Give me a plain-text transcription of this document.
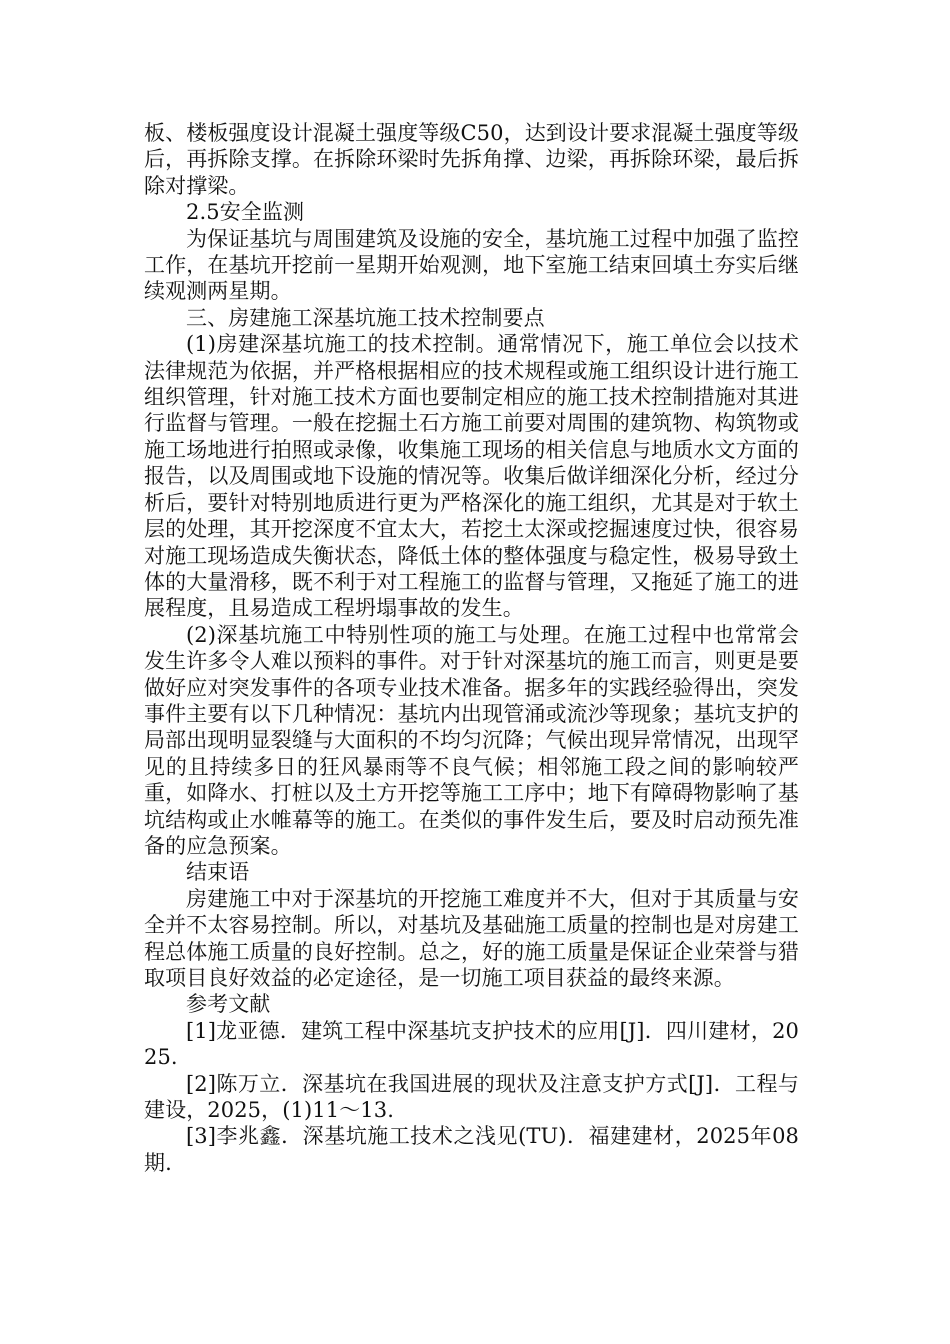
板、楼板强度设计混凝土强度等级C50，达到设计要求混凝土强度等级后，再拆除支撑。在拆除环梁时先拆角撑、边梁，再拆除环梁，最后拆除对撑梁。

2.5安全监测

为保证基坑与周围建筑及设施的安全，基坑施工过程中加强了监控工作，在基坑开挖前一星期开始观测，地下室施工结束回填土夯实后继续观测两星期。

三、房建施工深基坑施工技术控制要点

(1)房建深基坑施工的技术控制。通常情况下，施工单位会以技术法律规范为依据，并严格根据相应的技术规程或施工组织设计进行施工组织管理，针对施工技术方面也要制定相应的施工技术控制措施对其进行监督与管理。一般在挖掘土石方施工前要对周围的建筑物、构筑物或施工场地进行拍照或录像，收集施工现场的相关信息与地质水文方面的报告，以及周围或地下设施的情况等。收集后做详细深化分析，经过分析后，要针对特别地质进行更为严格深化的施工组织，尤其是对于软土层的处理，其开挖深度不宜太大，若挖土太深或挖掘速度过快，很容易对施工现场造成失衡状态，降低土体的整体强度与稳定性，极易导致土体的大量滑移，既不利于对工程施工的监督与管理，又拖延了施工的进展程度，且易造成工程坍塌事故的发生。

(2)深基坑施工中特别性项的施工与处理。在施工过程中也常常会发生许多令人难以预料的事件。对于针对深基坑的施工而言，则更是要做好应对突发事件的各项专业技术准备。据多年的实践经验得出，突发事件主要有以下几种情况：基坑内出现管涌或流沙等现象；基坑支护的局部出现明显裂缝与大面积的不均匀沉降；气候出现异常情况，出现罕见的且持续多日的狂风暴雨等不良气候；相邻施工段之间的影响较严重，如降水、打桩以及土方开挖等施工工序中；地下有障碍物影响了基坑结构或止水帷幕等的施工。在类似的事件发生后，要及时启动预先准备的应急预案。

结束语

房建施工中对于深基坑的开挖施工难度并不大，但对于其质量与安全并不太容易控制。所以，对基坑及基础施工质量的控制也是对房建工程总体施工质量的良好控制。总之，好的施工质量是保证企业荣誉与猎取项目良好效益的必定途径，是一切施工项目获益的最终来源。

参考文献

[1]龙亚德．建筑工程中深基坑支护技术的应用[J]．四川建材，2025.

[2]陈万立．深基坑在我国进展的现状及注意支护方式[J]．工程与建设，2025，(1)11～13.

[3]李兆鑫．深基坑施工技术之浅见(TU)．福建建材，2025年08期.
